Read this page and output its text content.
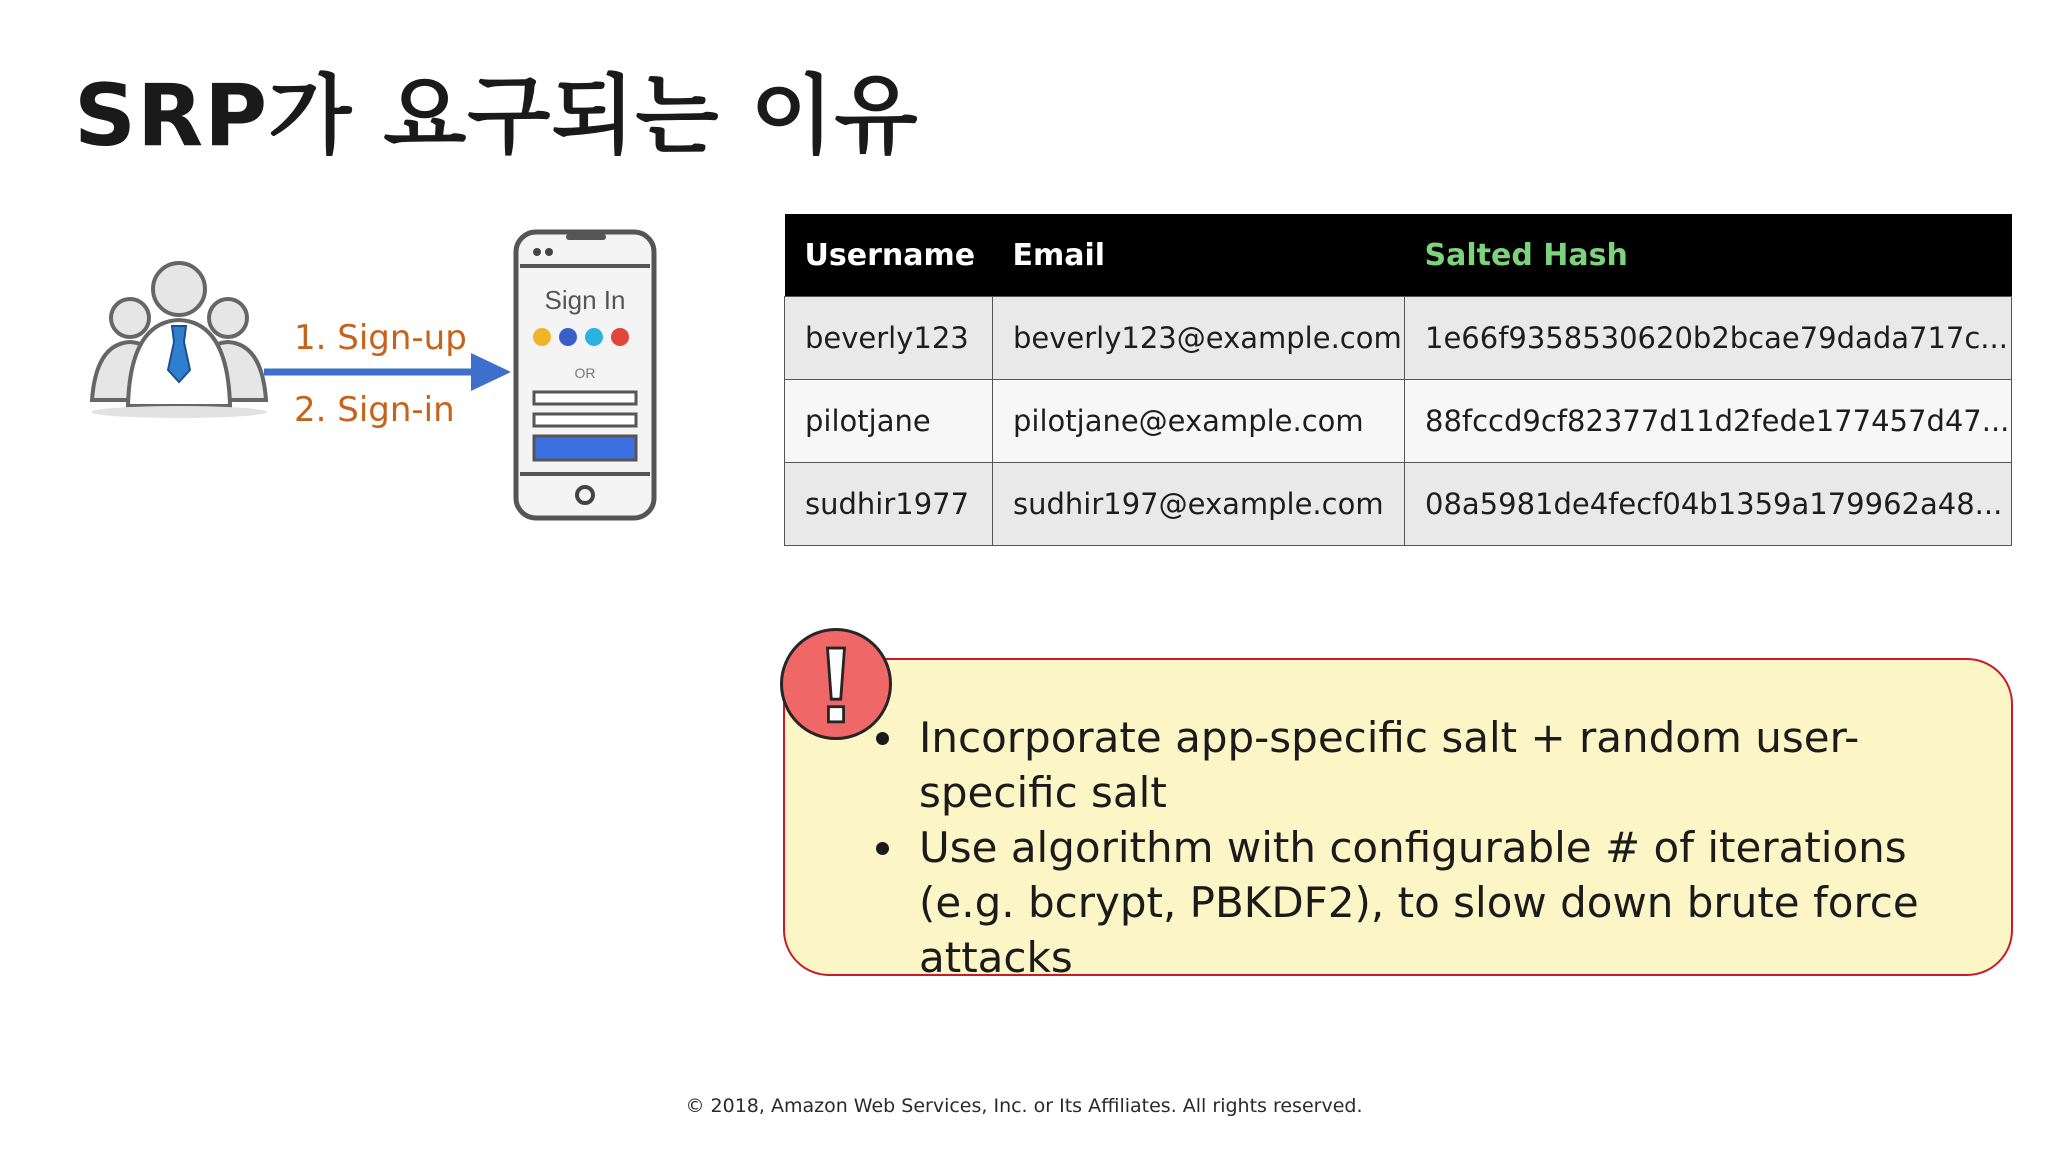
SRP가 요구되는 이유
Sign In
OR
1. Sign-up
2. Sign-in
Username	Email	Salted Hash
beverly123	beverly123@example.com	1e66f9358530620b2bcae79dada717c...
pilotjane	pilotjane@example.com	88fccd9cf82377d11d2fede177457d47...
sudhir1977	sudhir197@example.com	08a5981de4fecf04b1359a179962a48...
• Incorporate app-specific salt + random user-specific salt
• Use algorithm with configurable # of iterations (e.g. bcrypt, PBKDF2), to slow down brute force attacks
© 2018, Amazon Web Services, Inc. or Its Affiliates. All rights reserved.
